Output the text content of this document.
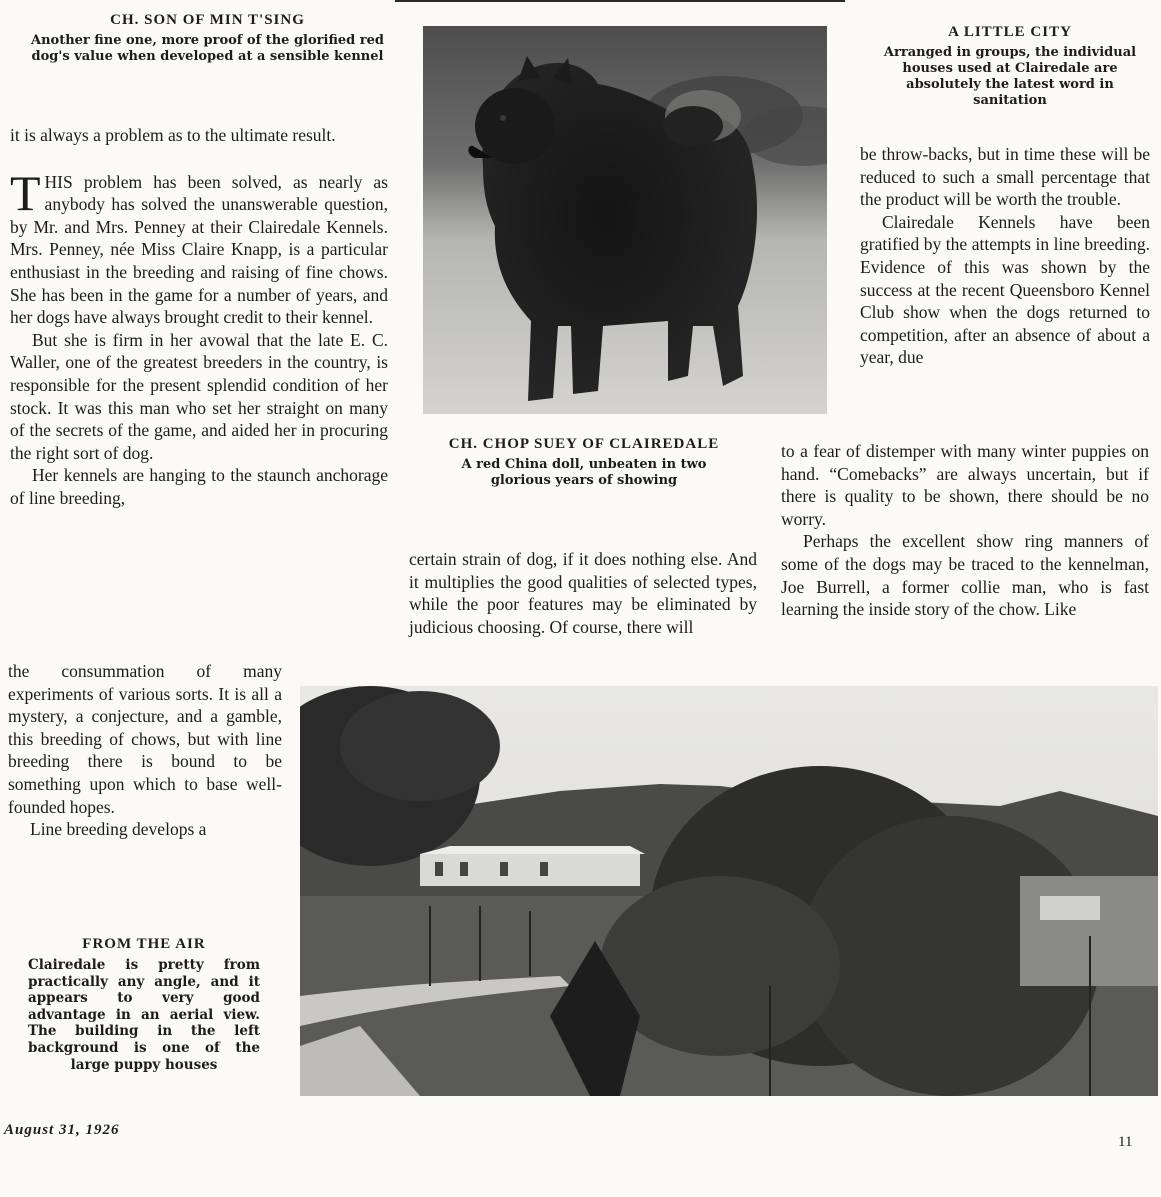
CH. SON OF MIN T'SING

Another fine one, more proof of the glorified red dog's value when developed at a sensible kennel

it is always a problem as to the ultimate result.

THIS problem has been solved, as nearly as anybody has solved the unanswerable question, by Mr. and Mrs. Penney at their Clairedale Kennels. Mrs. Penney, née Miss Claire Knapp, is a particular enthusiast in the breeding and raising of fine chows. She has been in the game for a number of years, and her dogs have always brought credit to their kennel.

But she is firm in her avowal that the late E. C. Waller, one of the greatest breeders in the country, is responsible for the present splendid condition of her stock. It was this man who set her straight on many of the secrets of the game, and aided her in procuring the right sort of dog.

Her kennels are hanging to the staunch anchorage of line breeding,

the consummation of many experiments of various sorts. It is all a mystery, a conjecture, and a gamble, this breeding of chows, but with line breeding there is bound to be something upon which to base well-founded hopes.

Line breeding develops a

CH. CHOP SUEY OF CLAIREDALE

A red China doll, unbeaten in two glorious years of showing

certain strain of dog, if it does nothing else. And it multiplies the good qualities of selected types, while the poor features may be eliminated by judicious choosing. Of course, there will

A LITTLE CITY

Arranged in groups, the individual houses used at Clairedale are absolutely the latest word in sanitation

be throw-backs, but in time these will be reduced to such a small percentage that the product will be worth the trouble.

Clairedale Kennels have been gratified by the attempts in line breeding. Evidence of this was shown by the success at the recent Queensboro Kennel Club show when the dogs returned to competition, after an absence of about a year, due

to a fear of distemper with many winter puppies on hand. “Comebacks” are always uncertain, but if there is quality to be shown, there should be no worry.

Perhaps the excellent show ring manners of some of the dogs may be traced to the kennelman, Joe Burrell, a former collie man, who is fast learning the inside story of the chow. Like

FROM THE AIR

Clairedale is pretty from practically any angle, and it appears to very good advantage in an aerial view. The building in the left background is one of the large puppy houses

August 31, 1926
11
